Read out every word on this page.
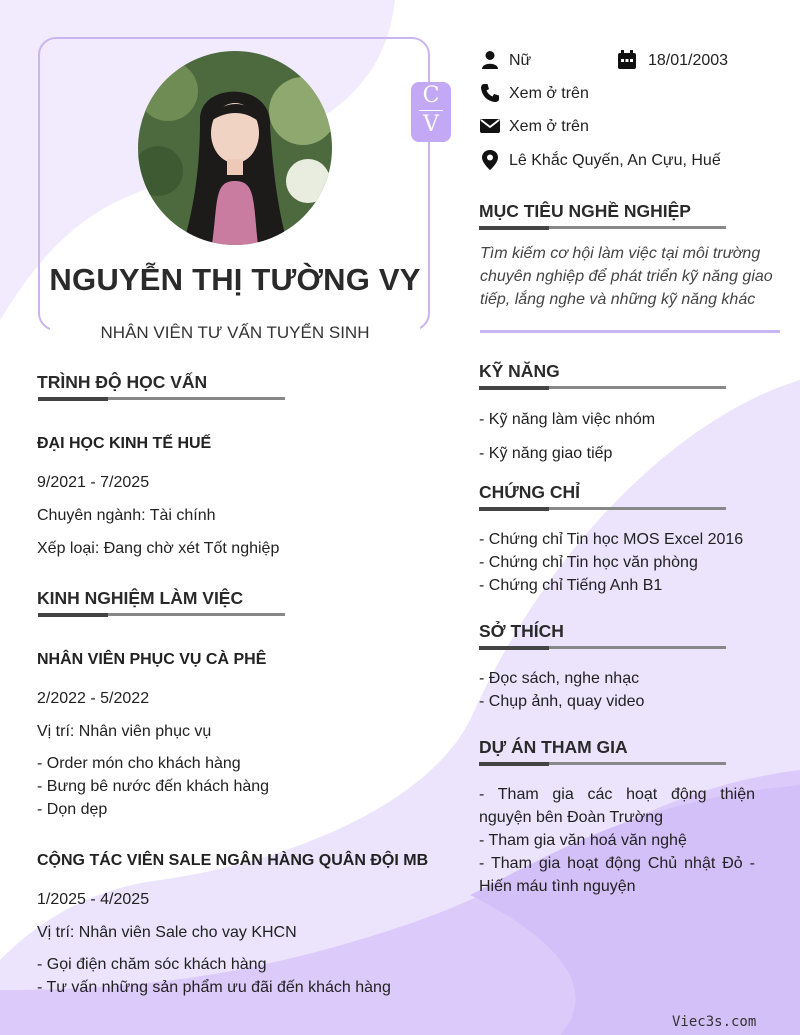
NGUYỄN THỊ TƯỜNG VY
NHÂN VIÊN TƯ VẤN TUYỂN SINH
C
V
Nữ	18/01/2003
Xem ở trên
Xem ở trên
Lê Khắc Quyến, An Cựu, Huế
MỤC TIÊU NGHỀ NGHIỆP
Tìm kiếm cơ hội làm việc tại môi trường
chuyên nghiệp để phát triển kỹ năng giao
tiếp, lắng nghe và những kỹ năng khác
TRÌNH ĐỘ HỌC VẤN
ĐẠI HỌC KINH TẾ HUẾ
9/2021 - 7/2025
Chuyên ngành: Tài chính
Xếp loại: Đang chờ xét Tốt nghiệp
KINH NGHIỆM LÀM VIỆC
NHÂN VIÊN PHỤC VỤ CÀ PHÊ
2/2022 - 5/2022
Vị trí: Nhân viên phục vụ
- Order món cho khách hàng
- Bưng bê nước đến khách hàng
- Dọn dẹp
CỘNG TÁC VIÊN SALE NGÂN HÀNG QUÂN ĐỘI MB
1/2025 - 4/2025
Vị trí: Nhân viên Sale cho vay KHCN
- Gọi điện chăm sóc khách hàng
- Tư vấn những sản phẩm ưu đãi đến khách hàng
KỸ NĂNG
- Kỹ năng làm việc nhóm
- Kỹ năng giao tiếp
CHỨNG CHỈ
- Chứng chỉ Tin học MOS Excel 2016
- Chứng chỉ Tin học văn phòng
- Chứng chỉ Tiếng Anh B1
SỞ THÍCH
- Đọc sách, nghe nhạc
- Chụp ảnh, quay video
DỰ ÁN THAM GIA
- Tham gia các hoạt động thiện nguyện bên Đoàn Trường
- Tham gia văn hoá văn nghệ
- Tham gia hoạt động Chủ nhật Đỏ - Hiến máu tình nguyện
Viec3s.com
